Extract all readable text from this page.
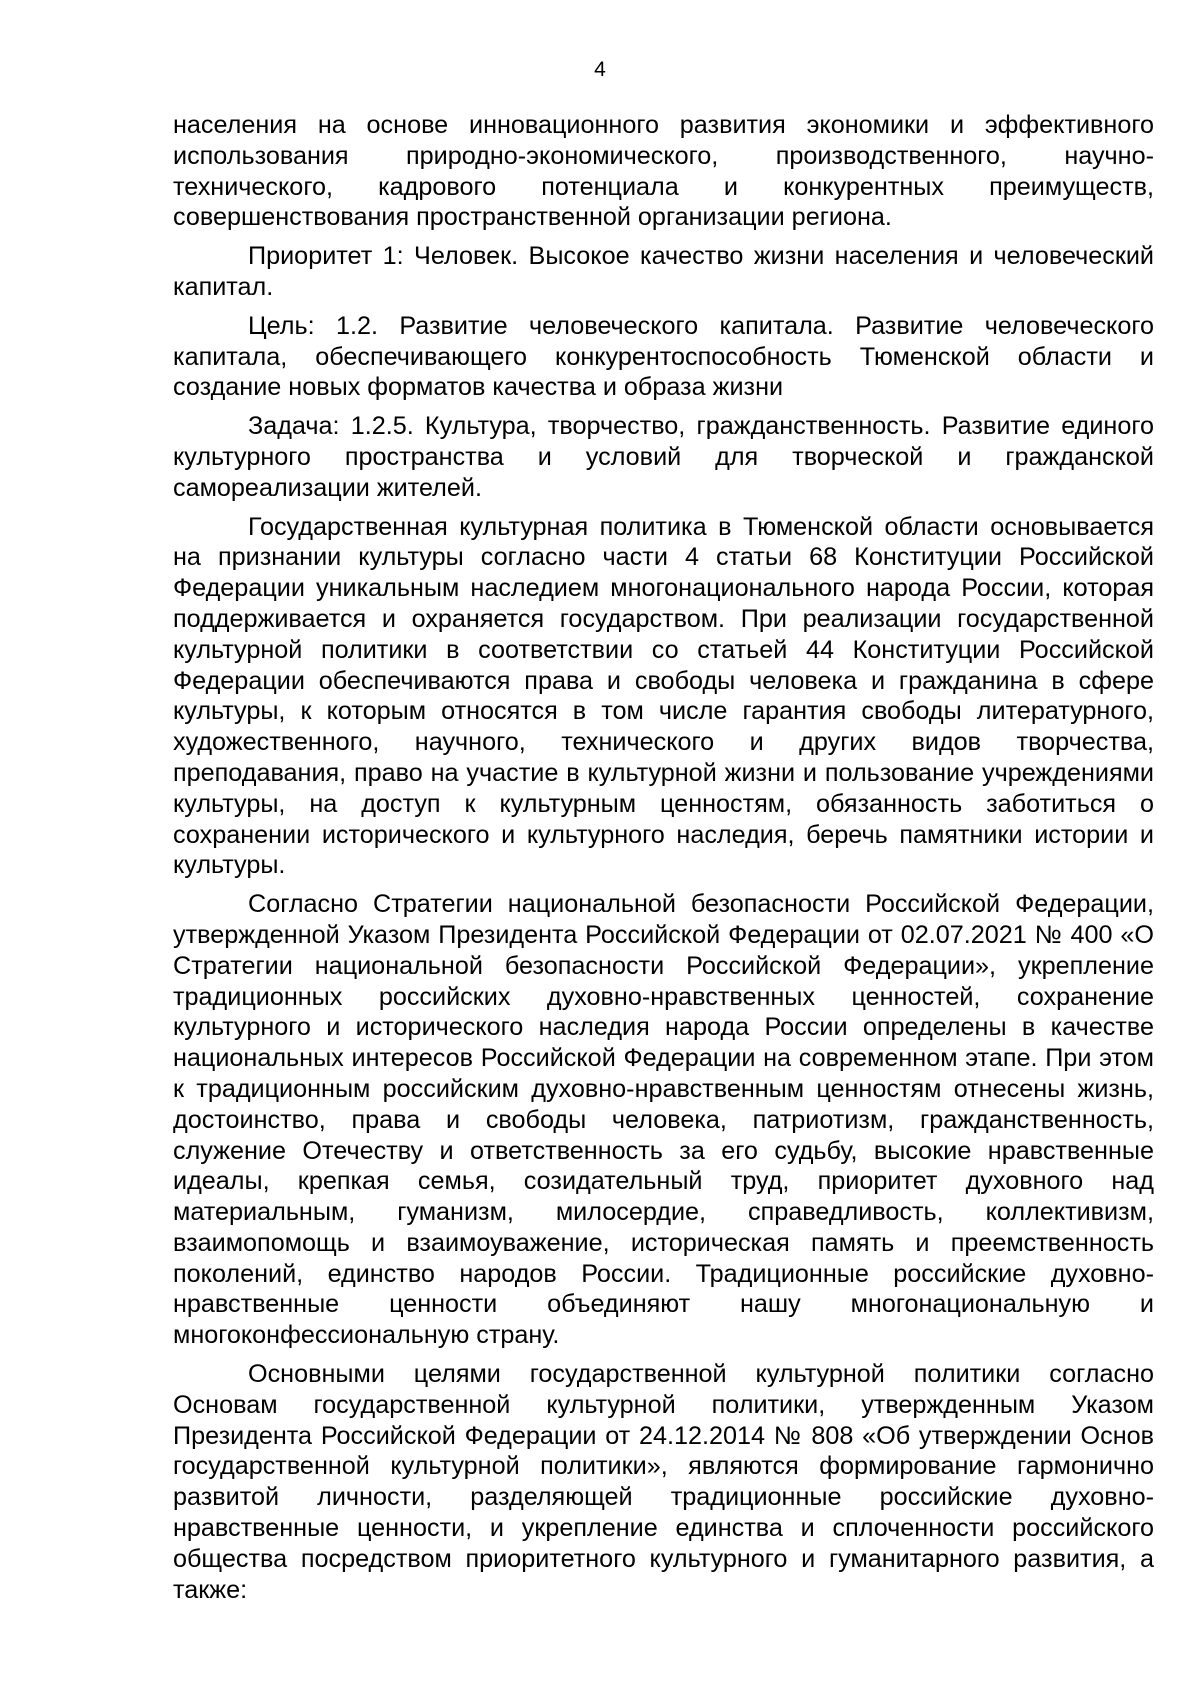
4

населения на основе инновационного развития экономики и эффективного использования природно-экономического, производственного, научно-технического, кадрового потенциала и конкурентных преимуществ, совершенствования пространственной организации региона.

Приоритет 1: Человек. Высокое качество жизни населения и человеческий капитал.

Цель: 1.2. Развитие человеческого капитала. Развитие человеческого капитала, обеспечивающего конкурентоспособность Тюменской области и создание новых форматов качества и образа жизни

Задача: 1.2.5. Культура, творчество, гражданственность. Развитие единого культурного пространства и условий для творческой и гражданской самореализации жителей.

Государственная культурная политика в Тюменской области основывается на признании культуры согласно части 4 статьи 68 Конституции Российской Федерации уникальным наследием многонационального народа России, которая поддерживается и охраняется государством. При реализации государственной культурной политики в соответствии со статьей 44 Конституции Российской Федерации обеспечиваются права и свободы человека и гражданина в сфере культуры, к которым относятся в том числе гарантия свободы литературного, художественного, научного, технического и других видов творчества, преподавания, право на участие в культурной жизни и пользование учреждениями культуры, на доступ к культурным ценностям, обязанность заботиться о сохранении исторического и культурного наследия, беречь памятники истории и культуры.

Согласно Стратегии национальной безопасности Российской Федерации, утвержденной Указом Президента Российской Федерации от 02.07.2021 № 400 «О Стратегии национальной безопасности Российской Федерации», укрепление традиционных российских духовно-нравственных ценностей, сохранение культурного и исторического наследия народа России определены в качестве национальных интересов Российской Федерации на современном этапе. При этом к традиционным российским духовно-нравственным ценностям отнесены жизнь, достоинство, права и свободы человека, патриотизм, гражданственность, служение Отечеству и ответственность за его судьбу, высокие нравственные идеалы, крепкая семья, созидательный труд, приоритет духовного над материальным, гуманизм, милосердие, справедливость, коллективизм, взаимопомощь и взаимоуважение, историческая память и преемственность поколений, единство народов России. Традиционные российские духовно-нравственные ценности объединяют нашу многонациональную и многоконфессиональную страну.

Основными целями государственной культурной политики согласно Основам государственной культурной политики, утвержденным Указом Президента Российской Федерации от 24.12.2014 № 808 «Об утверждении Основ государственной культурной политики», являются формирование гармонично развитой личности, разделяющей традиционные российские духовно-нравственные ценности, и укрепление единства и сплоченности российского общества посредством приоритетного культурного и гуманитарного развития, а также:
